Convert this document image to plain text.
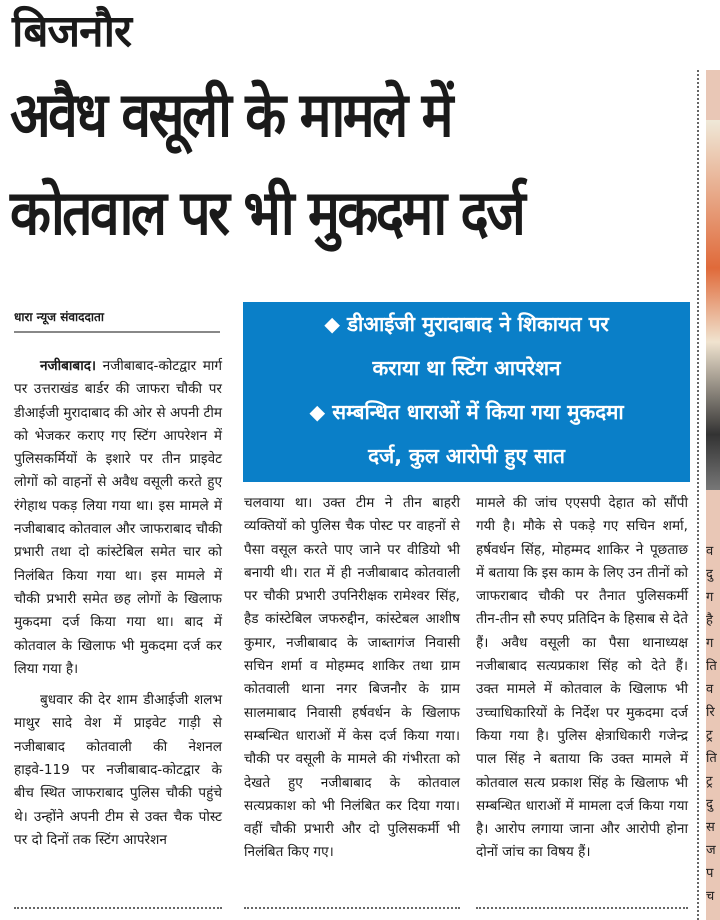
बिजनौर
अवैध वसूली के मामले में
कोतवाल पर भी मुकदमा दर्ज
व
दु
ग
है
ग
ति
व
रि
ट्र
ति
ट्र
दु
स
ज
प
च
धारा न्यूज संवाददाता	◆ डीआईजी मुरादाबाद ने शिकायत पर

कराया था स्टिंग आपरेशन

◆ सम्बन्धित धाराओं में किया गया मुकदमा

दर्ज, कुल आरोपी हुए सात

नजीबाबाद। नजीबाबाद-कोटद्वार मार्ग पर उत्तराखंड बार्डर की जाफरा चौकी पर डीआईजी मुरादाबाद की ओर से अपनी टीम को भेजकर कराए गए स्टिंग आपरेशन में पुलिसकर्मियों के इशारे पर तीन प्राइवेट लोगों को वाहनों से अवैध वसूली करते हुए रंगेहाथ पकड़ लिया गया था। इस मामले में नजीबाबाद कोतवाल और जाफराबाद चौकी प्रभारी तथा दो कांस्टेबिल समेत चार को निलंबित किया गया था। इस मामले में चौकी प्रभारी समेत छह लोगों के खिलाफ मुकदमा दर्ज किया गया था। बाद में कोतवाल के खिलाफ भी मुकदमा दर्ज कर लिया गया है।

बुधवार की देर शाम डीआईजी शलभ माथुर सादे वेश में प्राइवेट गाड़ी से नजीबाबाद कोतवाली की नेशनल हाइवे-119 पर नजीबाबाद-कोटद्वार के बीच स्थित जाफराबाद पुलिस चौकी पहुंचे थे। उन्होंने अपनी टीम से उक्त चैक पोस्ट पर दो दिनों तक स्टिंग आपरेशन

चलवाया था। उक्त टीम ने तीन बाहरी व्यक्तियों को पुलिस चैक पोस्ट पर वाहनों से पैसा वसूल करते पाए जाने पर वीडियो भी बनायी थी। रात में ही नजीबाबाद कोतवाली पर चौकी प्रभारी उपनिरीक्षक रामेश्वर सिंह, हैड कांस्टेबिल जफरुद्दीन, कांस्टेबल आशीष कुमार, नजीबाबाद के जाब्तागंज निवासी सचिन शर्मा व मोहम्मद शाकिर तथा ग्राम कोतवाली थाना नगर बिजनौर के ग्राम सालमाबाद निवासी हर्षवर्धन के खिलाफ सम्बन्धित धाराओं में केस दर्ज किया गया। चौकी पर वसूली के मामले की गंभीरता को देखते हुए नजीबाबाद के कोतवाल सत्यप्रकाश को भी निलंबित कर दिया गया। वहीं चौकी प्रभारी और दो पुलिसकर्मी भी निलंबित किए गए।

मामले की जांच एएसपी देहात को सौंपी गयी है। मौके से पकड़े गए सचिन शर्मा, हर्षवर्धन सिंह, मोहम्मद शाकिर ने पूछताछ में बताया कि इस काम के लिए उन तीनों को जाफराबाद चौकी पर तैनात पुलिसकर्मी तीन-तीन सौ रुपए प्रतिदिन के हिसाब से देते हैं। अवैध वसूली का पैसा थानाध्यक्ष नजीबाबाद सत्यप्रकाश सिंह को देते हैं। उक्त मामले में कोतवाल के खिलाफ भी उच्चाधिकारियों के निर्देश पर मुकदमा दर्ज किया गया है। पुलिस क्षेत्राधिकारी गजेन्द्र पाल सिंह ने बताया कि उक्त मामले में कोतवाल सत्य प्रकाश सिंह के खिलाफ भी सम्बन्धित धाराओं में मामला दर्ज किया गया है। आरोप लगाया जाना और आरोपी होना दोनों जांच का विषय हैं।
